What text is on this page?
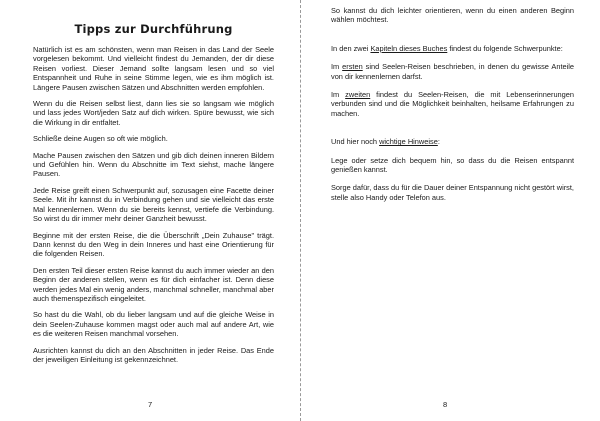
Tipps zur Durchführung

Natürlich ist es am schönsten, wenn man Reisen in das Land der Seele vorgelesen bekommt. Und vielleicht findest du Jemanden, der dir diese Reisen vorliest. Dieser Jemand sollte langsam lesen und so viel Entspannheit und Ruhe in seine Stimme legen, wie es ihm möglich ist. Längere Pausen zwischen Sätzen und Abschnitten werden empfohlen.

Wenn du die Reisen selbst liest, dann lies sie so langsam wie möglich und lass jedes Wort/jeden Satz auf dich wirken. Spüre bewusst, wie sich die Wirkung in dir entfaltet.

Schließe deine Augen so oft wie möglich.

Mache Pausen zwischen den Sätzen und gib dich deinen inneren Bildern und Gefühlen hin. Wenn du Abschnitte im Text siehst, mache längere Pausen.

Jede Reise greift einen Schwerpunkt auf, sozusagen eine Facette deiner Seele. Mit ihr kannst du in Verbindung gehen und sie vielleicht das erste Mal kennenlernen. Wenn du sie bereits kennst, vertiefe die Verbindung. So wirst du dir immer mehr deiner Ganzheit bewusst.

Beginne mit der ersten Reise, die die Überschrift „Dein Zuhause" trägt. Dann kennst du den Weg in dein Inneres und hast eine Orientierung für die folgenden Reisen.

Den ersten Teil dieser ersten Reise kannst du auch immer wieder an den Beginn der anderen stellen, wenn es für dich einfacher ist. Denn diese werden jedes Mal ein wenig anders, manchmal schneller, manchmal aber auch themenspezifisch eingeleitet.

So hast du die Wahl, ob du lieber langsam und auf die gleiche Weise in dein Seelen-Zuhause kommen magst oder auch mal auf andere Art, wie es die weiteren Reisen manchmal vorsehen.

Ausrichten kannst du dich an den Abschnitten in jeder Reise. Das Ende der jeweiligen Einleitung ist gekennzeichnet.

7

So kannst du dich leichter orientieren, wenn du einen anderen Beginn wählen möchtest.

In den zwei Kapiteln dieses Buches findest du folgende Schwerpunkte:

Im ersten sind Seelen-Reisen beschrieben, in denen du gewisse Anteile von dir kennenlernen darfst.

Im zweiten findest du Seelen-Reisen, die mit Lebenserinnerungen verbunden sind und die Möglichkeit beinhalten, heilsame Erfahrungen zu machen.

Und hier noch wichtige Hinweise:

Lege oder setze dich bequem hin, so dass du die Reisen entspannt genießen kannst.

Sorge dafür, dass du für die Dauer deiner Entspannung nicht gestört wirst, stelle also Handy oder Telefon aus.

8
